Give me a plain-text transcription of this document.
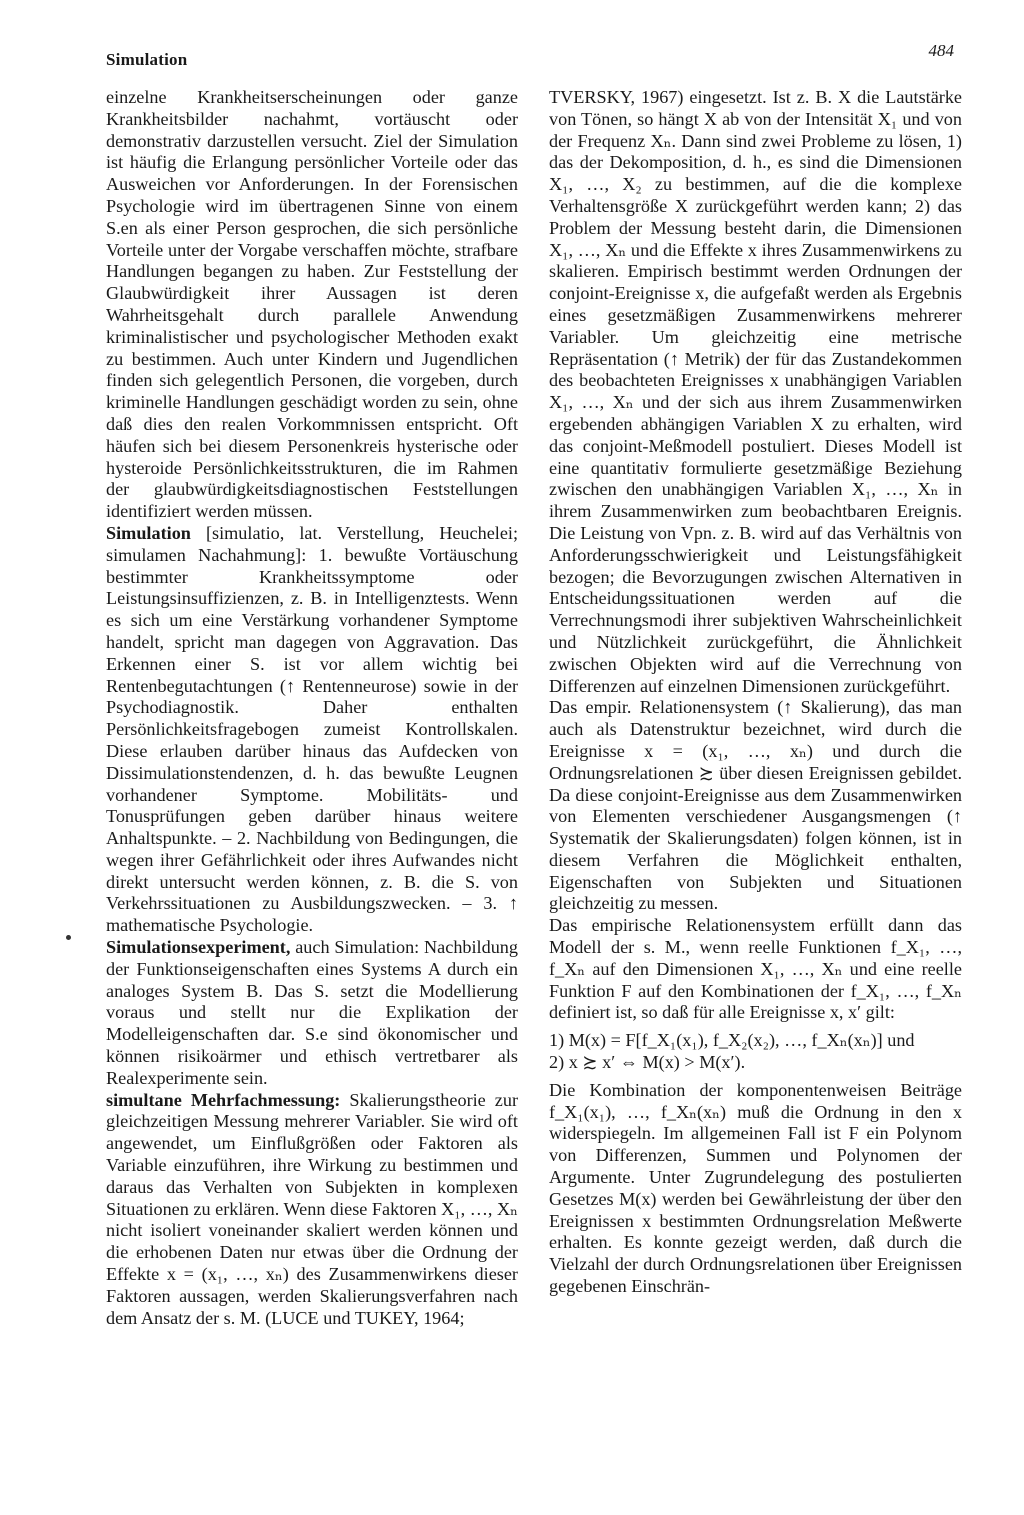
Simulation	484

einzelne Krankheitserscheinungen oder ganze Krankheitsbilder nachahmt, vortäuscht oder demonstrativ darzustellen versucht. Ziel der Simulation ist häufig die Erlangung persönlicher Vorteile oder das Ausweichen vor Anforderungen. In der Forensischen Psychologie wird im übertragenen Sinne von einem S.en als einer Person gesprochen, die sich persönliche Vorteile unter der Vorgabe verschaffen möchte, strafbare Handlungen begangen zu haben. Zur Feststellung der Glaubwürdigkeit ihrer Aussagen ist deren Wahrheitsgehalt durch parallele Anwendung kriminalistischer und psychologischer Methoden exakt zu bestimmen. Auch unter Kindern und Jugendlichen finden sich gelegentlich Personen, die vorgeben, durch kriminelle Handlungen geschädigt worden zu sein, ohne daß dies den realen Vorkommnissen entspricht. Oft häufen sich bei diesem Personenkreis hysterische oder hysteroide Persönlichkeitsstrukturen, die im Rahmen der glaubwürdigkeitsdiagnostischen Feststellungen identifiziert werden müssen.

Simulation [simulatio, lat. Verstellung, Heuchelei; simulamen Nachahmung]: 1. bewußte Vortäuschung bestimmter Krankheitssymptome oder Leistungsinsuffizienzen, z. B. in Intelligenztests. Wenn es sich um eine Verstärkung vorhandener Symptome handelt, spricht man dagegen von Aggravation. Das Erkennen einer S. ist vor allem wichtig bei Rentenbegutachtungen (↑ Rentenneurose) sowie in der Psychodiagnostik. Daher enthalten Persönlichkeitsfragebogen zumeist Kontrollskalen. Diese erlauben darüber hinaus das Aufdecken von Dissimulationstendenzen, d. h. das bewußte Leugnen vorhandener Symptome. Mobilitäts- und Tonusprüfungen geben darüber hinaus weitere Anhaltspunkte. – 2. Nachbildung von Bedingungen, die wegen ihrer Gefährlichkeit oder ihres Aufwandes nicht direkt untersucht werden können, z. B. die S. von Verkehrssituationen zu Ausbildungszwecken. – 3. ↑ mathematische Psychologie.

Simulationsexperiment, auch Simulation: Nachbildung der Funktionseigenschaften eines Systems A durch ein analoges System B. Das S. setzt die Modellierung voraus und stellt nur die Explikation der Modelleigenschaften dar. S.e sind ökonomischer und können risikoärmer und ethisch vertretbarer als Realexperimente sein.

simultane Mehrfachmessung: Skalierungstheorie zur gleichzeitigen Messung mehrerer Variabler. Sie wird oft angewendet, um Einflußgrößen oder Faktoren als Variable einzuführen, ihre Wirkung zu bestimmen und daraus das Verhalten von Subjekten in komplexen Situationen zu erklären. Wenn diese Faktoren X₁, …, Xₙ nicht isoliert voneinander skaliert werden können und die erhobenen Daten nur etwas über die Ordnung der Effekte x = (x₁, …, xₙ) des Zusammenwirkens dieser Faktoren aussagen, werden Skalierungsverfahren nach dem Ansatz der s. M. (LUCE und TUKEY, 1964;

TVERSKY, 1967) eingesetzt. Ist z. B. X die Lautstärke von Tönen, so hängt X ab von der Intensität X₁ und von der Frequenz Xₙ. Dann sind zwei Probleme zu lösen, 1) das der Dekomposition, d. h., es sind die Dimensionen X₁, …, X₂ zu bestimmen, auf die die komplexe Verhaltensgröße X zurückgeführt werden kann; 2) das Problem der Messung besteht darin, die Dimensionen X₁, …, Xₙ und die Effekte x ihres Zusammenwirkens zu skalieren. Empirisch bestimmt werden Ordnungen der conjoint-Ereignisse x, die aufgefaßt werden als Ergebnis eines gesetzmäßigen Zusammenwirkens mehrerer Variabler. Um gleichzeitig eine metrische Repräsentation (↑ Metrik) der für das Zustandekommen des beobachteten Ereignisses x unabhängigen Variablen X₁, …, Xₙ und der sich aus ihrem Zusammenwirken ergebenden abhängigen Variablen X zu erhalten, wird das conjoint-Meßmodell postuliert. Dieses Modell ist eine quantitativ formulierte gesetzmäßige Beziehung zwischen den unabhängigen Variablen X₁, …, Xₙ in ihrem Zusammenwirken zum beobachtbaren Ereignis. Die Leistung von Vpn. z. B. wird auf das Verhältnis von Anforderungsschwierigkeit und Leistungsfähigkeit bezogen; die Bevorzugungen zwischen Alternativen in Entscheidungssituationen werden auf die Verrechnungsmodi ihrer subjektiven Wahrscheinlichkeit und Nützlichkeit zurückgeführt, die Ähnlichkeit zwischen Objekten wird auf die Verrechnung von Differenzen auf einzelnen Dimensionen zurückgeführt.

Das empir. Relationensystem (↑ Skalierung), das man auch als Datenstruktur bezeichnet, wird durch die Ereignisse x = (x₁, …, xₙ) und durch die Ordnungsrelationen ≿ über diesen Ereignissen gebildet. Da diese conjoint-Ereignisse aus dem Zusammenwirken von Elementen verschiedener Ausgangsmengen (↑ Systematik der Skalierungsdaten) folgen können, ist in diesem Verfahren die Möglichkeit enthalten, Eigenschaften von Subjekten und Situationen gleichzeitig zu messen.

Das empirische Relationensystem erfüllt dann das Modell der s. M., wenn reelle Funktionen f_X₁, …, f_Xₙ auf den Dimensionen X₁, …, Xₙ und eine reelle Funktion F auf den Kombinationen der f_X₁, …, f_Xₙ definiert ist, so daß für alle Ereignisse x, x′ gilt:

1) M(x) = F[f_X₁(x₁), f_X₂(x₂), …, f_Xₙ(xₙ)] und
2) x ≿ x′ ⇔ M(x) > M(x′).

Die Kombination der komponentenweisen Beiträge f_X₁(x₁), …, f_Xₙ(xₙ) muß die Ordnung in den x widerspiegeln. Im allgemeinen Fall ist F ein Polynom von Differenzen, Summen und Polynomen der Argumente. Unter Zugrundelegung des postulierten Gesetzes M(x) werden bei Gewährleistung der über den Ereignissen x bestimmten Ordnungsrelation Meßwerte erhalten. Es konnte gezeigt werden, daß durch die Vielzahl der durch Ordnungsrelationen über Ereignissen gegebenen Einschrän-
